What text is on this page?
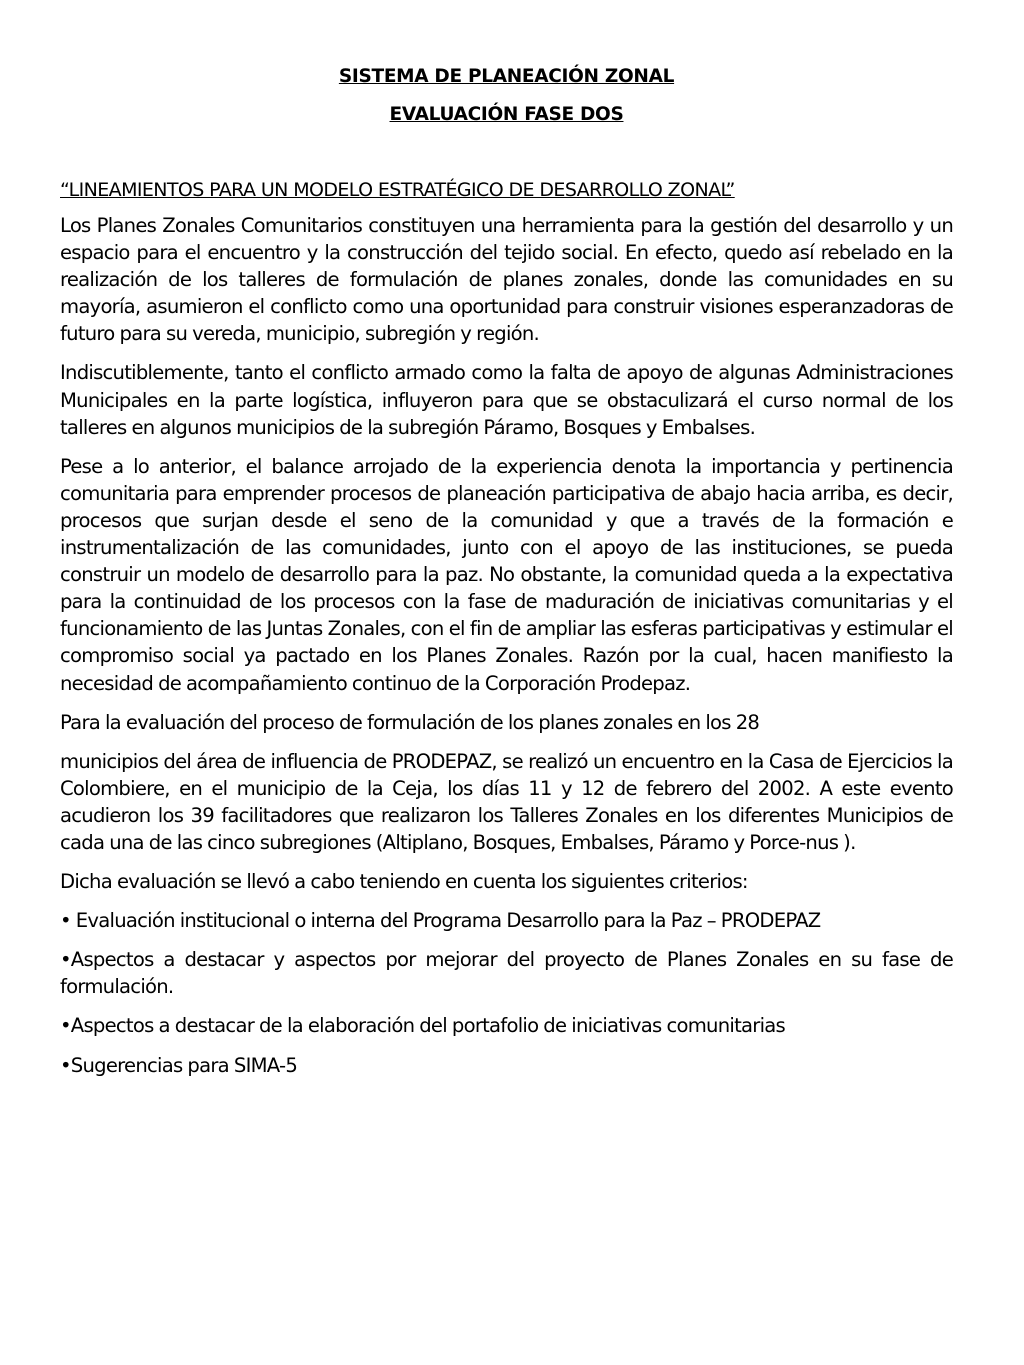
SISTEMA DE PLANEACIÓN ZONAL
EVALUACIÓN FASE DOS

“LINEAMIENTOS PARA UN MODELO ESTRATÉGICO DE DESARROLLO ZONAL”

Los Planes Zonales Comunitarios constituyen una herramienta para la gestión del desarrollo y un espacio para el encuentro y la construcción del tejido social. En efecto, quedo así rebelado en la realización de los talleres de formulación de planes zonales, donde las comunidades en su mayoría, asumieron el conflicto como una oportunidad para construir visiones esperanzadoras de futuro para su vereda, municipio, subregión y región.

Indiscutiblemente, tanto el conflicto armado como la falta de apoyo de algunas Administraciones Municipales en la parte logística, influyeron para que se obstaculizará el curso normal de los talleres en algunos municipios de la subregión Páramo, Bosques y Embalses.

Pese a lo anterior, el balance arrojado de la experiencia denota la importancia y pertinencia comunitaria para emprender procesos de planeación participativa de abajo hacia arriba, es decir, procesos que surjan desde el seno de la comunidad y que a través de la formación e instrumentalización de las comunidades, junto con el apoyo de las instituciones, se pueda construir un modelo de desarrollo para la paz. No obstante, la comunidad queda a la expectativa para la continuidad de los procesos con la fase de maduración de iniciativas comunitarias y el funcionamiento de las Juntas Zonales, con el fin de ampliar las esferas participativas y estimular el compromiso social ya pactado en los Planes Zonales. Razón por la cual, hacen manifiesto la necesidad de acompañamiento continuo de la Corporación Prodepaz.

Para la evaluación del proceso de formulación de los planes zonales en los 28

municipios del área de influencia de PRODEPAZ, se realizó un encuentro en la Casa de Ejercicios la Colombiere, en el municipio de la Ceja, los días 11 y 12 de febrero del 2002. A este evento acudieron los 39 facilitadores que realizaron los Talleres Zonales en los diferentes Municipios de cada una de las cinco subregiones (Altiplano, Bosques, Embalses, Páramo y Porce-nus ).

Dicha evaluación se llevó a cabo teniendo en cuenta los siguientes criterios:

• Evaluación institucional o interna del Programa Desarrollo para la Paz – PRODEPAZ

•Aspectos a destacar y aspectos por mejorar del proyecto de Planes Zonales en su fase de formulación.

•Aspectos a destacar de la elaboración del portafolio de iniciativas comunitarias

•Sugerencias para SIMA-5
